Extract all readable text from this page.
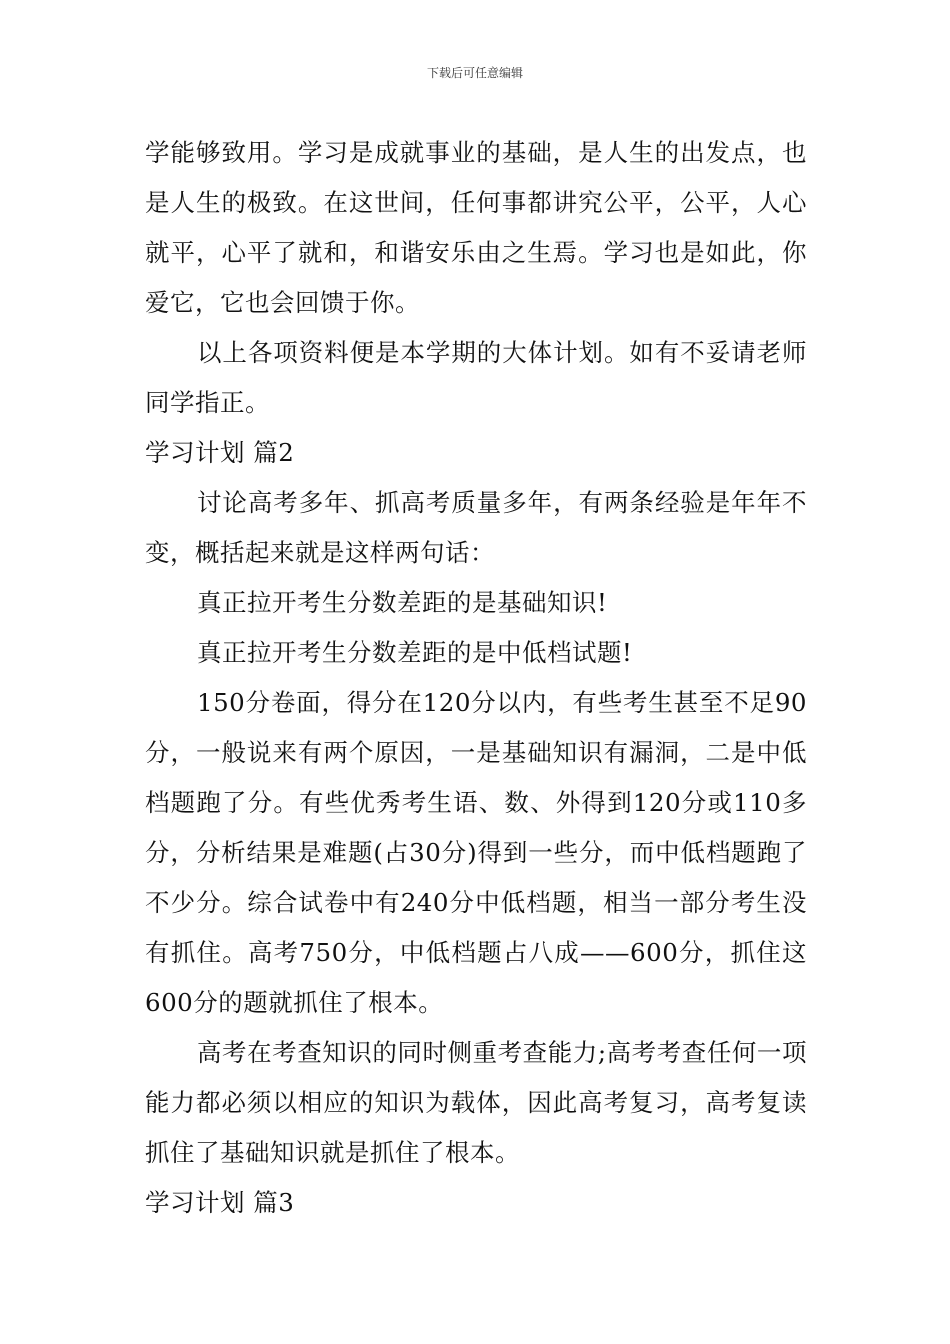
下载后可任意编辑

学能够致用。学习是成就事业的基础，是人生的出发点，也是人生的极致。在这世间，任何事都讲究公平，公平，人心就平，心平了就和，和谐安乐由之生焉。学习也是如此，你爱它，它也会回馈于你。

以上各项资料便是本学期的大体计划。如有不妥请老师同学指正。

学习计划 篇2

讨论高考多年、抓高考质量多年，有两条经验是年年不变，概括起来就是这样两句话：

真正拉开考生分数差距的是基础知识!

真正拉开考生分数差距的是中低档试题!

150分卷面，得分在120分以内，有些考生甚至不足90分，一般说来有两个原因，一是基础知识有漏洞，二是中低档题跑了分。有些优秀考生语、数、外得到120分或110多分，分析结果是难题(占30分)得到一些分，而中低档题跑了不少分。综合试卷中有240分中低档题，相当一部分考生没有抓住。高考750分，中低档题占八成——600分，抓住这600分的题就抓住了根本。

高考在考查知识的同时侧重考查能力;高考考查任何一项能力都必须以相应的知识为载体，因此高考复习，高考复读抓住了基础知识就是抓住了根本。

学习计划 篇3
